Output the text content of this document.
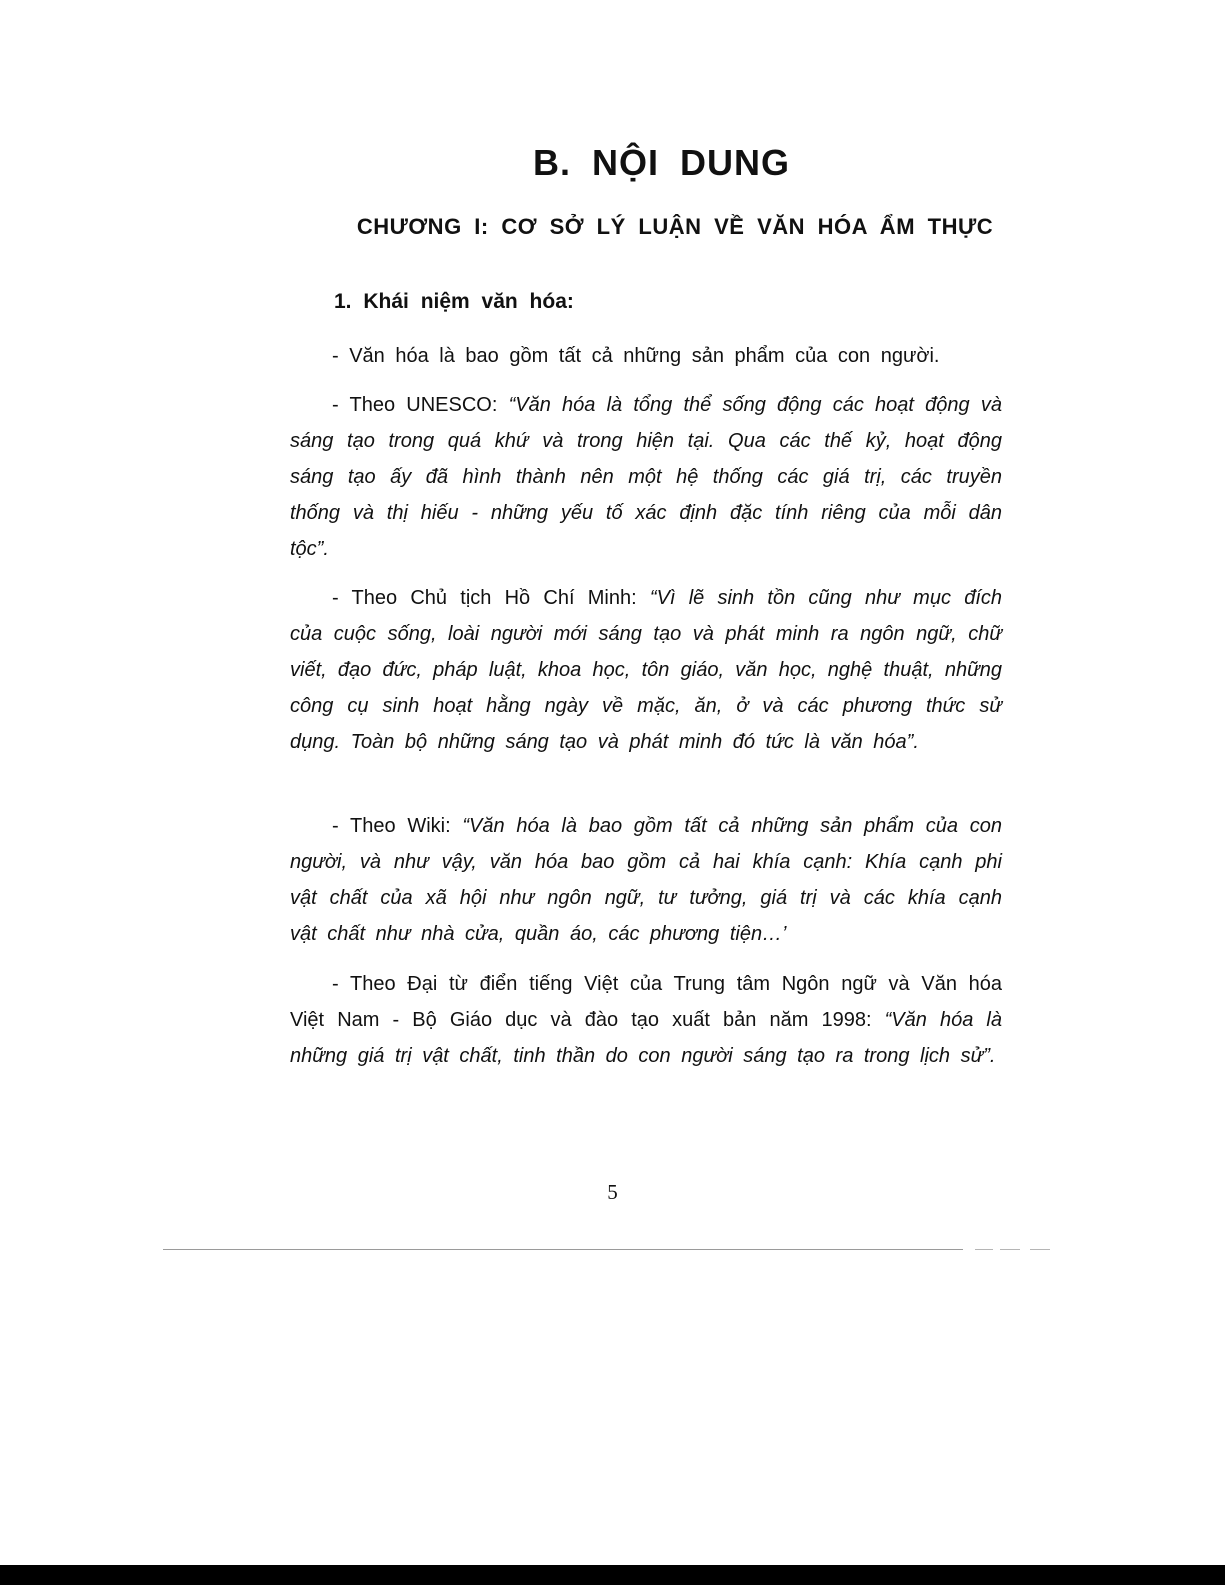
B. NỘI DUNG
CHƯƠNG I: CƠ SỞ LÝ LUẬN VỀ VĂN HÓA ẨM THỰC
1. Khái niệm văn hóa:

- Văn hóa là bao gồm tất cả những sản phẩm của con người.

- Theo UNESCO: “Văn hóa là tổng thể sống động các hoạt động và sáng tạo trong quá khứ và trong hiện tại. Qua các thế kỷ, hoạt động sáng tạo ấy đã hình thành nên một hệ thống các giá trị, các truyền thống và thị hiếu - những yếu tố xác định đặc tính riêng của mỗi dân tộc”.

- Theo Chủ tịch Hồ Chí Minh: “Vì lẽ sinh tồn cũng như mục đích của cuộc sống, loài người mới sáng tạo và phát minh ra ngôn ngữ, chữ viết, đạo đức, pháp luật, khoa học, tôn giáo, văn học, nghệ thuật, những công cụ sinh hoạt hằng ngày về mặc, ăn, ở và các phương thức sử dụng. Toàn bộ những sáng tạo và phát minh đó tức là văn hóa”.

- Theo Wiki: “Văn hóa là bao gồm tất cả những sản phẩm của con người, và như vậy, văn hóa bao gồm cả hai khía cạnh: Khía cạnh phi vật chất của xã hội như ngôn ngữ, tư tưởng, giá trị và các khía cạnh vật chất như nhà cửa, quần áo, các phương tiện…’

- Theo Đại từ điển tiếng Việt của Trung tâm Ngôn ngữ và Văn hóa Việt Nam - Bộ Giáo dục và đào tạo xuất bản năm 1998: “Văn hóa là những giá trị vật chất, tinh thần do con người sáng tạo ra trong lịch sử”.

5
